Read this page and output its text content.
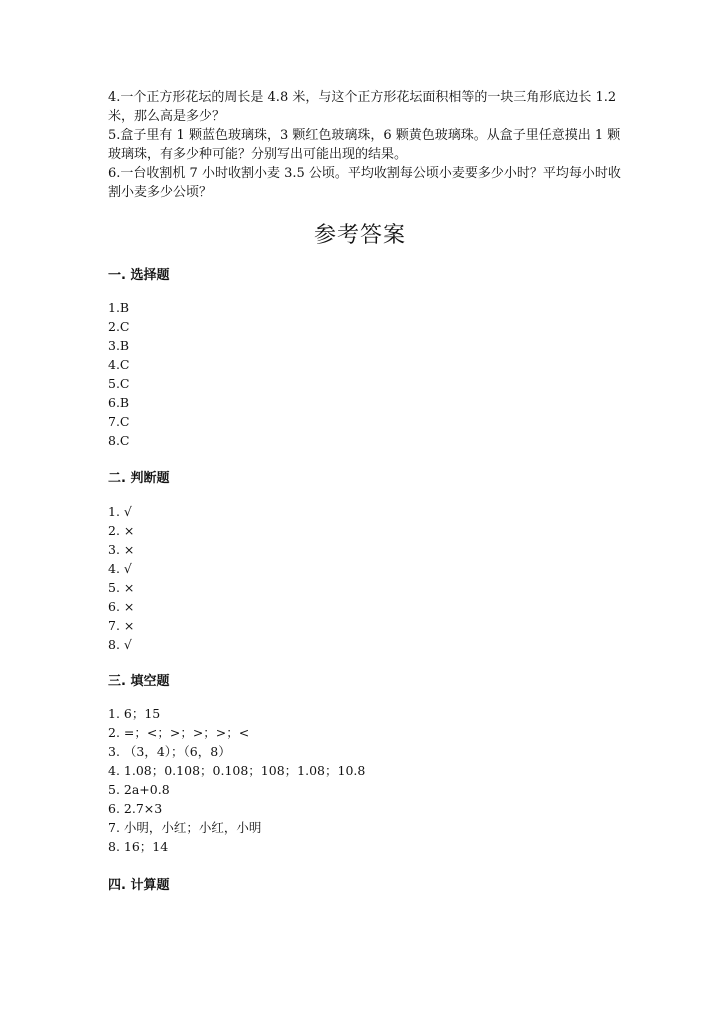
4.一个正方形花坛的周长是 4.8 米，与这个正方形花坛面积相等的一块三角形底边长 1.2 米，那么高是多少？

5.盒子里有 1 颗蓝色玻璃珠，3 颗红色玻璃珠，6 颗黄色玻璃珠。从盒子里任意摸出 1 颗玻璃珠，有多少种可能？分别写出可能出现的结果。

6.一台收割机 7 小时收割小麦 3.5 公顷。平均收割每公顷小麦要多少小时？平均每小时收割小麦多少公顷？

参考答案
一. 选择题
1.B
2.C
3.B
4.C
5.C
6.B
7.C
8.C
二. 判断题
1. √
2. ×
3. ×
4. √
5. ×
6. ×
7. ×
8. √
三. 填空题
1. 6；15
2. =；<；>；>；>；<
3. （3，4）；（6，8）
4. 1.08；0.108；0.108；108；1.08；10.8
5. 2a+0.8
6. 2.7×3
7. 小明，小红；小红，小明
8. 16；14
四. 计算题
